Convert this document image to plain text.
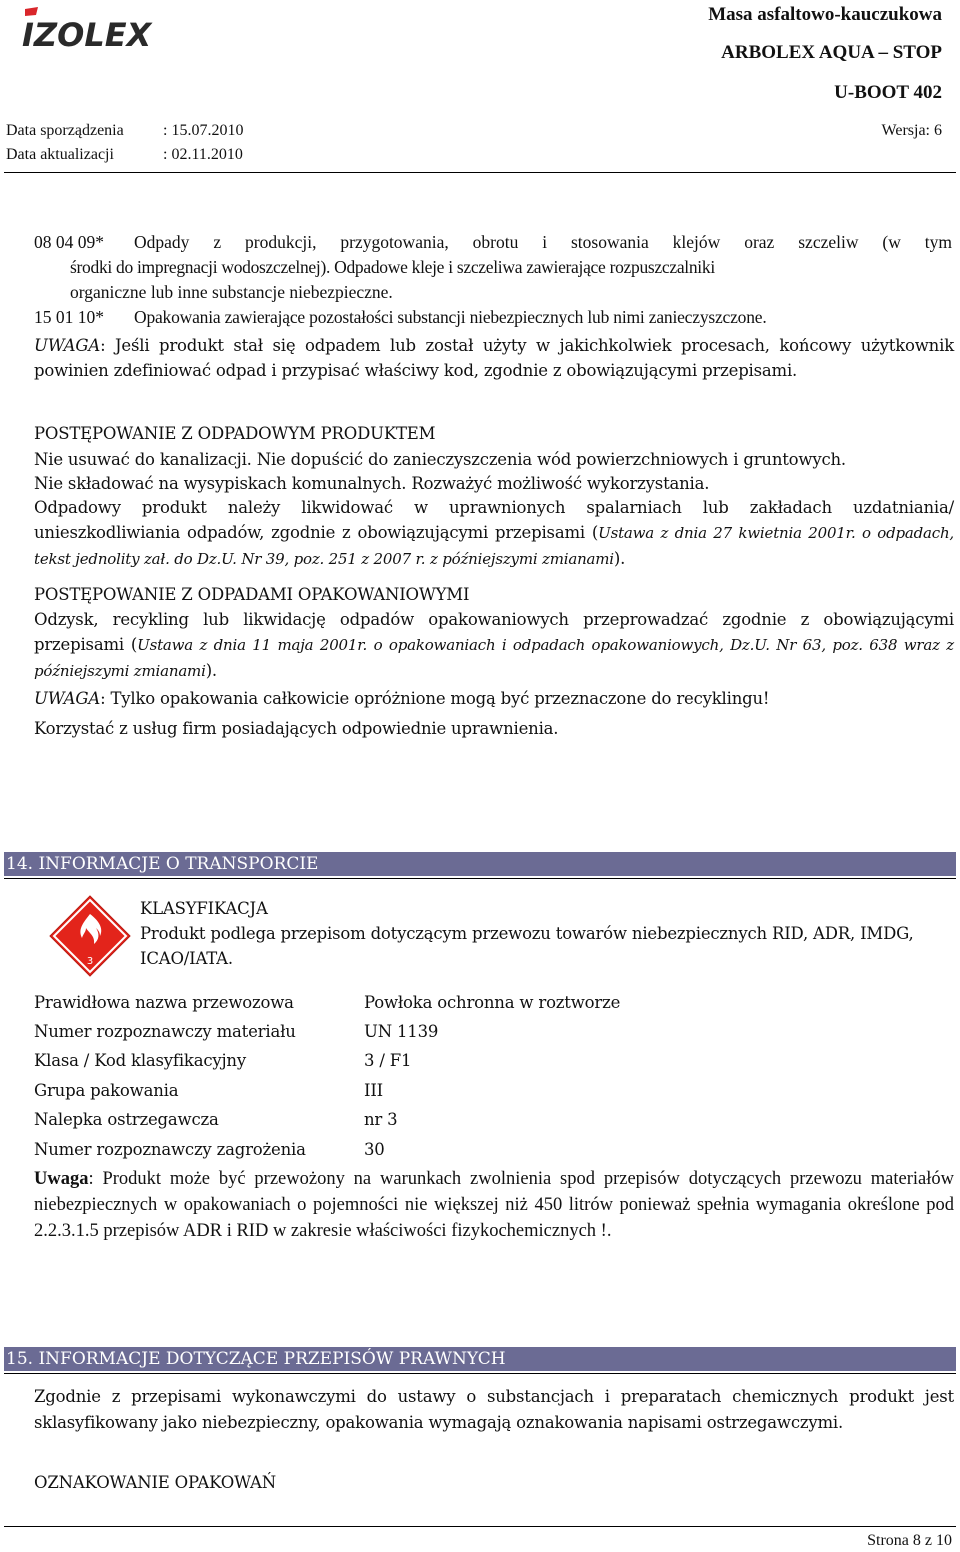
IZOLEX
Masa asfaltowo-kauczukowa
ARBOLEX AQUA – STOP
U-BOOT 402
Data sporządzenia : 15.07.2010	Wersja: 6
Data aktualizacji	: 02.11.2010
08 04 09* Odpady z produkcji, przygotowania, obrotu i stosowania klejów oraz szczeliw (w tym
środki do impregnacji wodoszczelnej). Odpadowe kleje i szczeliwa zawierające rozpuszczalniki
organiczne lub inne substancje niebezpieczne.
15 01 10* Opakowania zawierające pozostałości substancji niebezpiecznych lub nimi zanieczyszczone.
UWAGA: Jeśli produkt stał się odpadem lub został użyty w jakichkolwiek procesach, końcowy użytkownik powinien zdefiniować odpad i przypisać właściwy kod, zgodnie z obowiązującymi przepisami.
POSTĘPOWANIE Z ODPADOWYM PRODUKTEM
Nie usuwać do kanalizacji. Nie dopuścić do zanieczyszczenia wód powierzchniowych i gruntowych.
Nie składować na wysypiskach komunalnych. Rozważyć możliwość wykorzystania.
Odpadowy produkt należy likwidować w uprawnionych spalarniach lub zakładach uzdatniania/ unieszkodliwiania odpadów, zgodnie z obowiązującymi przepisami (Ustawa z dnia 27 kwietnia 2001r. o odpadach, tekst jednolity zał. do Dz.U. Nr 39, poz. 251 z 2007 r. z późniejszymi zmianami).
POSTĘPOWANIE Z ODPADAMI OPAKOWANIOWYMI
Odzysk, recykling lub likwidację odpadów opakowaniowych przeprowadzać zgodnie z obowiązującymi przepisami (Ustawa z dnia 11 maja 2001r. o opakowaniach i odpadach opakowaniowych, Dz.U. Nr 63, poz. 638 wraz z późniejszymi zmianami).
UWAGA: Tylko opakowania całkowicie opróżnione mogą być przeznaczone do recyklingu!
Korzystać z usług firm posiadających odpowiednie uprawnienia.
14. INFORMACJE O TRANSPORCIE
3
KLASYFIKACJA
Produkt podlega przepisom dotyczącym przewozu towarów niebezpiecznych RID, ADR, IMDG, ICAO/IATA.
Prawidłowa nazwa przewozowa	Powłoka ochronna w roztworze
Numer rozpoznawczy materiału	UN 1139
Klasa / Kod klasyfikacyjny	3 / F1
Grupa pakowania	III
Nalepka ostrzegawcza	nr 3
Numer rozpoznawczy zagrożenia	30
Uwaga: Produkt może być przewożony na warunkach zwolnienia spod przepisów dotyczących przewozu materiałów niebezpiecznych w opakowaniach o pojemności nie większej niż 450 litrów ponieważ spełnia wymagania określone pod 2.2.3.1.5 przepisów ADR i RID w zakresie właściwości fizykochemicznych !.
15. INFORMACJE DOTYCZĄCE PRZEPISÓW PRAWNYCH
Zgodnie z przepisami wykonawczymi do ustawy o substancjach i preparatach chemicznych produkt jest sklasyfikowany jako niebezpieczny, opakowania wymagają oznakowania napisami ostrzegawczymi.
OZNAKOWANIE OPAKOWAŃ
Strona 8 z 10
